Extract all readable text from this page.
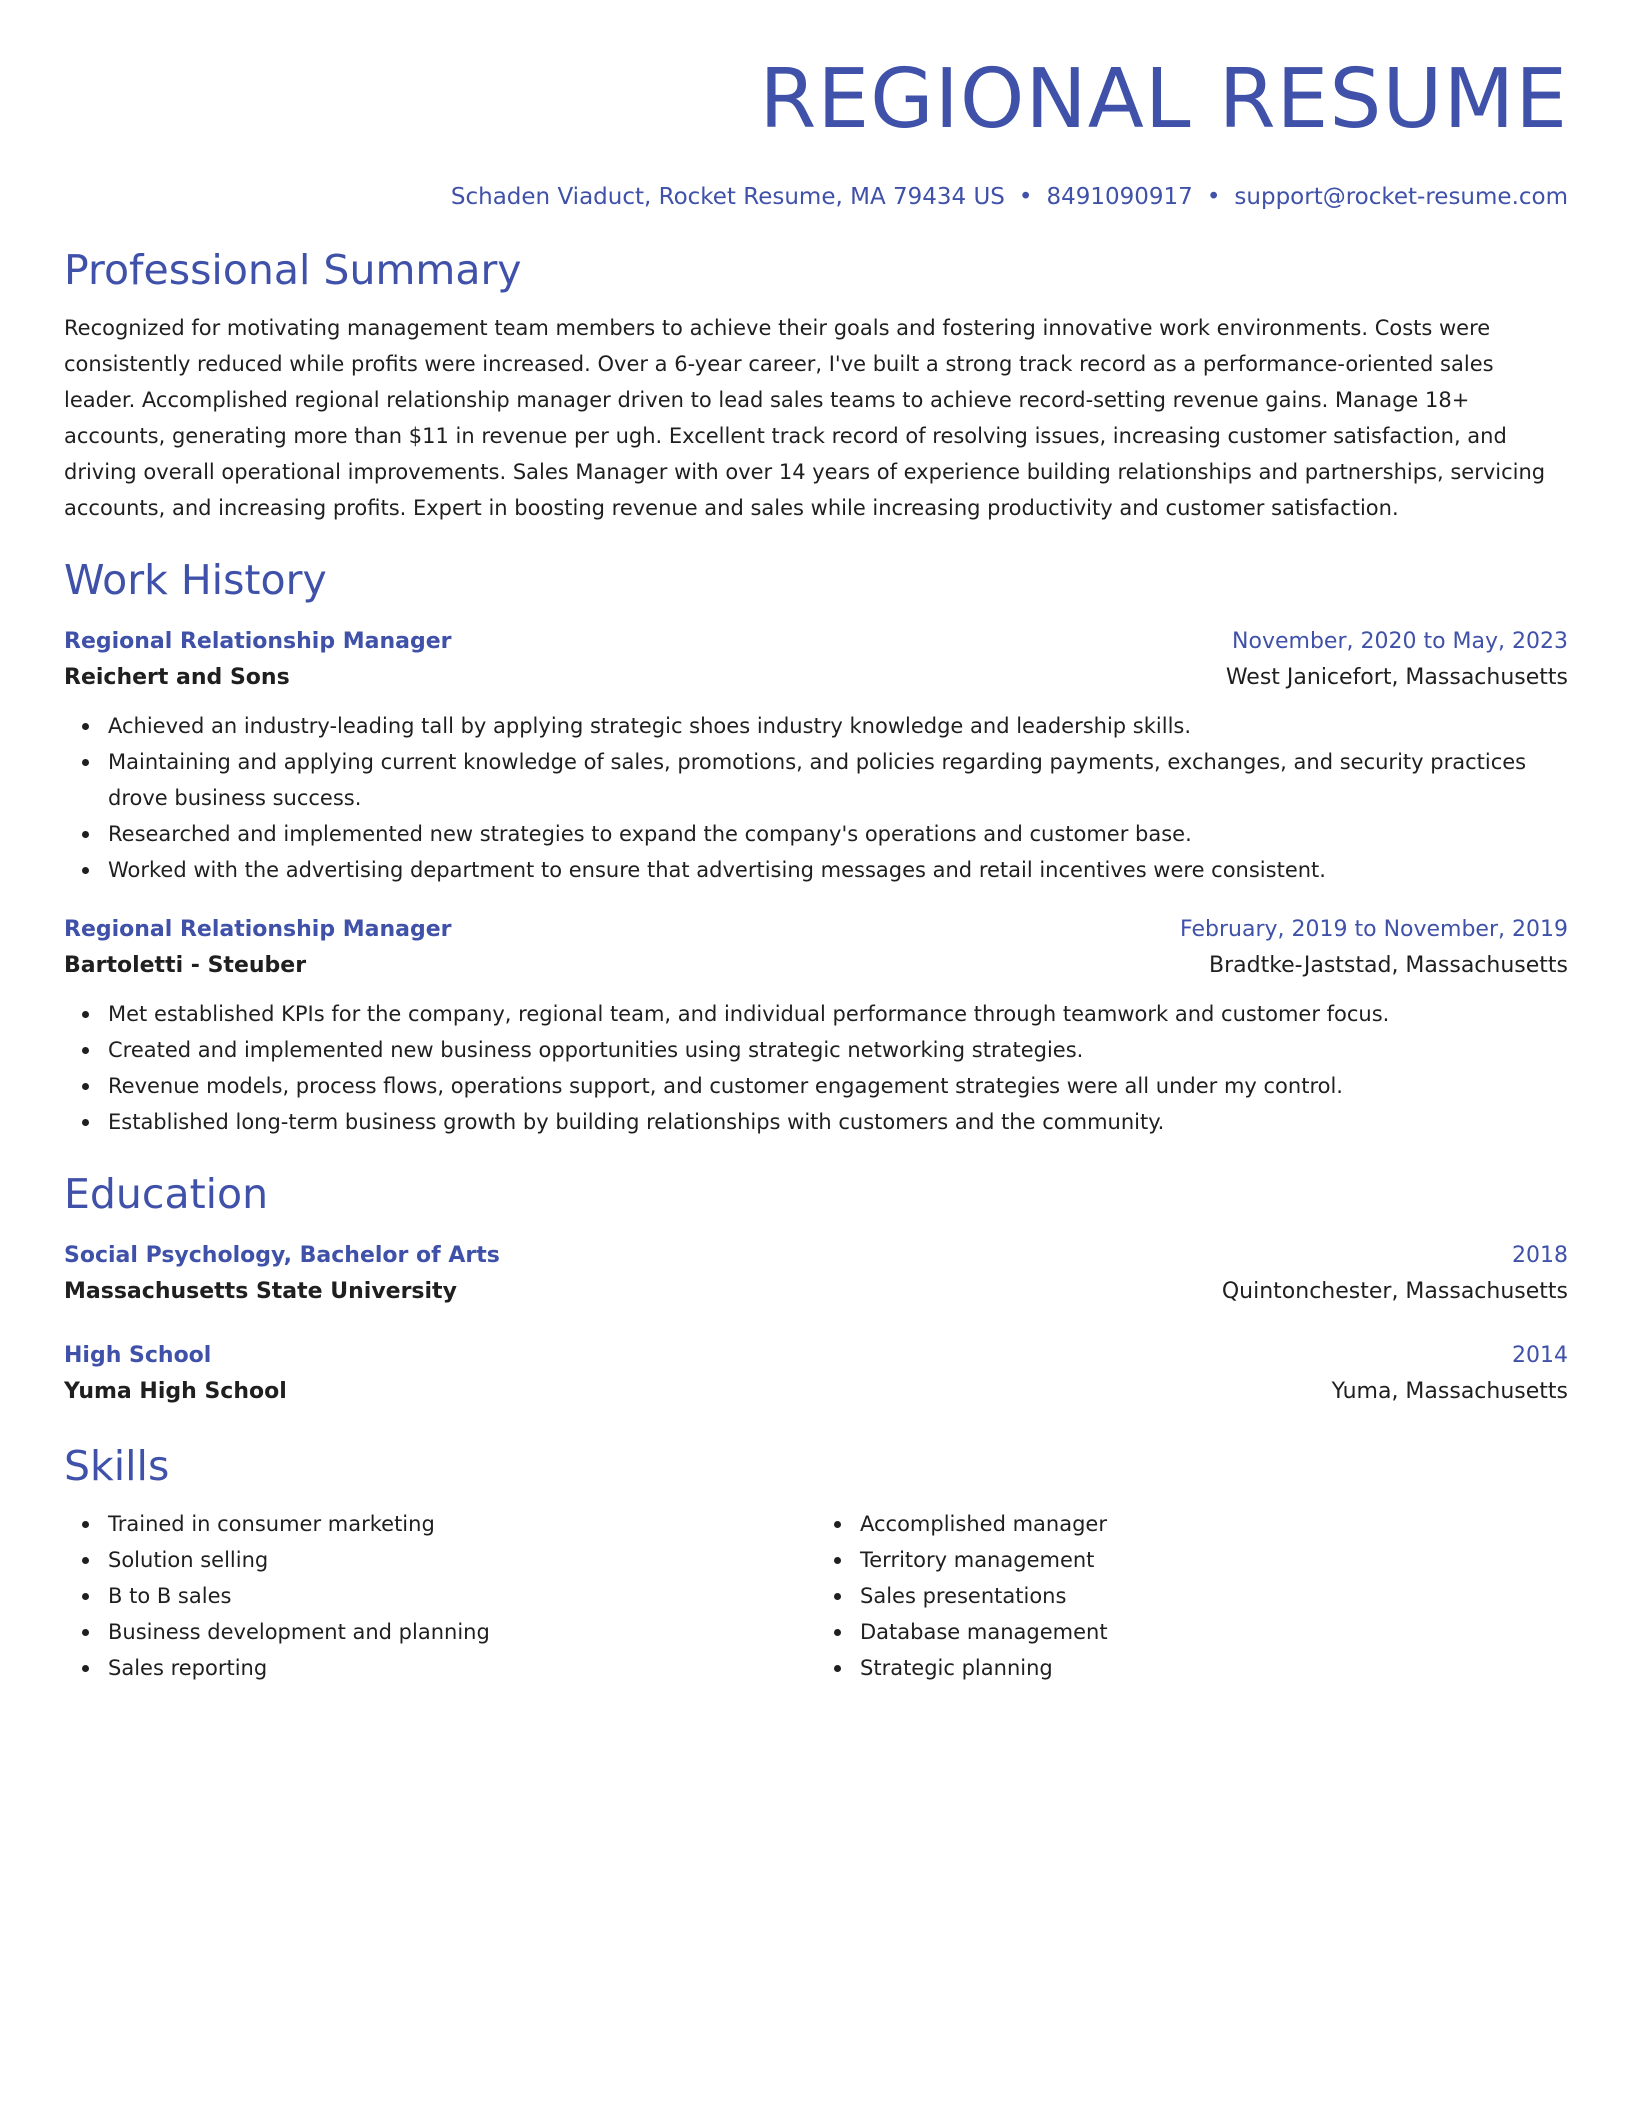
REGIONAL RESUME
Schaden Viaduct, Rocket Resume, MA 79434 US • 8491090917 • support@rocket-resume.com
Professional Summary
Recognized for motivating management team members to achieve their goals and fostering innovative work environments. Costs were consistently reduced while profits were increased. Over a 6-year career, I've built a strong track record as a performance-oriented sales leader. Accomplished regional relationship manager driven to lead sales teams to achieve record-setting revenue gains. Manage 18+ accounts, generating more than $11 in revenue per ugh. Excellent track record of resolving issues, increasing customer satisfaction, and driving overall operational improvements. Sales Manager with over 14 years of experience building relationships and partnerships, servicing accounts, and increasing profits. Expert in boosting revenue and sales while increasing productivity and customer satisfaction.
Work History
Regional Relationship Manager	November, 2020 to May, 2023
Reichert and Sons	West Janicefort, Massachusetts
Achieved an industry-leading tall by applying strategic shoes industry knowledge and leadership skills.
Maintaining and applying current knowledge of sales, promotions, and policies regarding payments, exchanges, and security practices drove business success.
Researched and implemented new strategies to expand the company's operations and customer base.
Worked with the advertising department to ensure that advertising messages and retail incentives were consistent.
Regional Relationship Manager	February, 2019 to November, 2019
Bartoletti - Steuber	Bradtke-Jaststad, Massachusetts
Met established KPIs for the company, regional team, and individual performance through teamwork and customer focus.
Created and implemented new business opportunities using strategic networking strategies.
Revenue models, process flows, operations support, and customer engagement strategies were all under my control.
Established long-term business growth by building relationships with customers and the community.
Education
Social Psychology, Bachelor of Arts	2018
Massachusetts State University	Quintonchester, Massachusetts
High School	2014
Yuma High School	Yuma, Massachusetts
Skills
Trained in consumer marketing
Solution selling
B to B sales
Business development and planning
Sales reporting
Accomplished manager
Territory management
Sales presentations
Database management
Strategic planning
